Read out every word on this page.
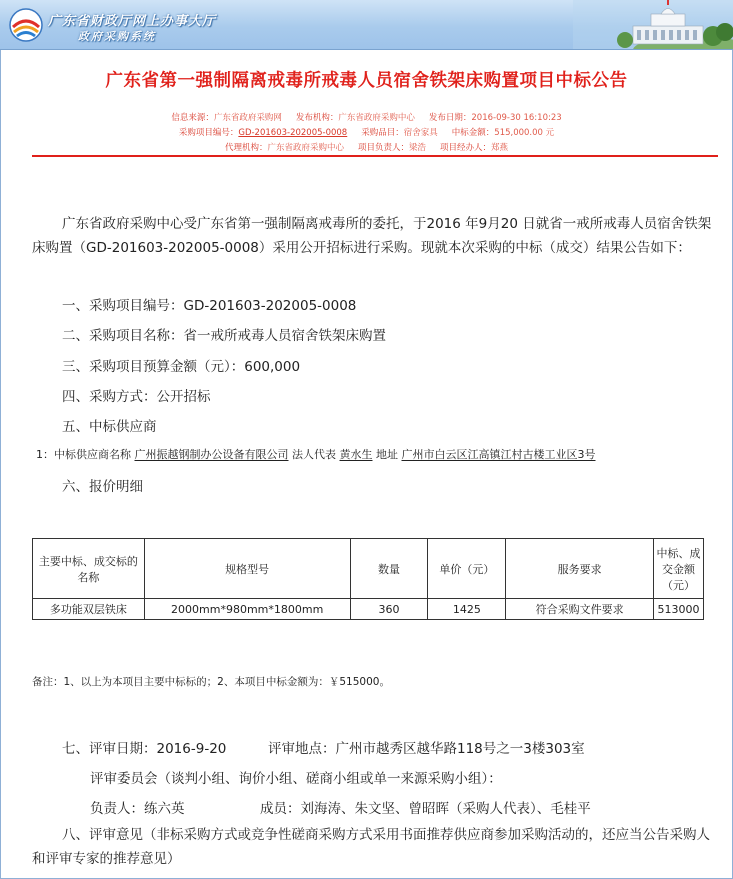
广东省财政厅网上办事大厅
政府采购系统
广东省第一强制隔离戒毒所戒毒人员宿舍铁架床购置项目中标公告
信息来源：广东省政府采购网 发布机构：广东省政府采购中心 发布日期：2016-09-30 16:10:23
采购项目编号：GD-201603-202005-0008 采购品目：宿舍家具 中标金额：515,000.00 元
代理机构：广东省政府采购中心 项目负责人：梁浩 项目经办人：郑燕
广东省政府采购中心受广东省第一强制隔离戒毒所的委托，于2016 年9月20 日就省一戒所戒毒人员宿舍铁架床购置（GD-201603-202005-0008）采用公开招标进行采购。现就本次采购的中标（成交）结果公告如下：
一、采购项目编号：GD-201603-202005-0008
二、采购项目名称：省一戒所戒毒人员宿舍铁架床购置
三、采购项目预算金额（元）：600,000
四、采购方式：公开招标
五、中标供应商
1：中标供应商名称 广州振越钢制办公设备有限公司 法人代表 黄水生 地址 广州市白云区江高镇江村古楼工业区3号
六、报价明细
主要中标、成交标的名称	规格型号	数量	单价（元）	服务要求	中标、成交金额（元）
多功能双层铁床	2000mm*980mm*1800mm	360	1425	符合采购文件要求	513000
备注：1、以上为本项目主要中标标的；2、本项目中标金额为：￥515000。
七、评审日期：2016-9-20	评审地点：广州市越秀区越华路118号之一3楼303室
评审委员会（谈判小组、询价小组、磋商小组或单一来源采购小组）：
负责人：练六英	成员：刘海涛、朱文坚、曾昭晖（采购人代表）、毛桂平
八、评审意见（非标采购方式或竞争性磋商采购方式采用书面推荐供应商参加采购活动的，还应当公告采购人和评审专家的推荐意见）
